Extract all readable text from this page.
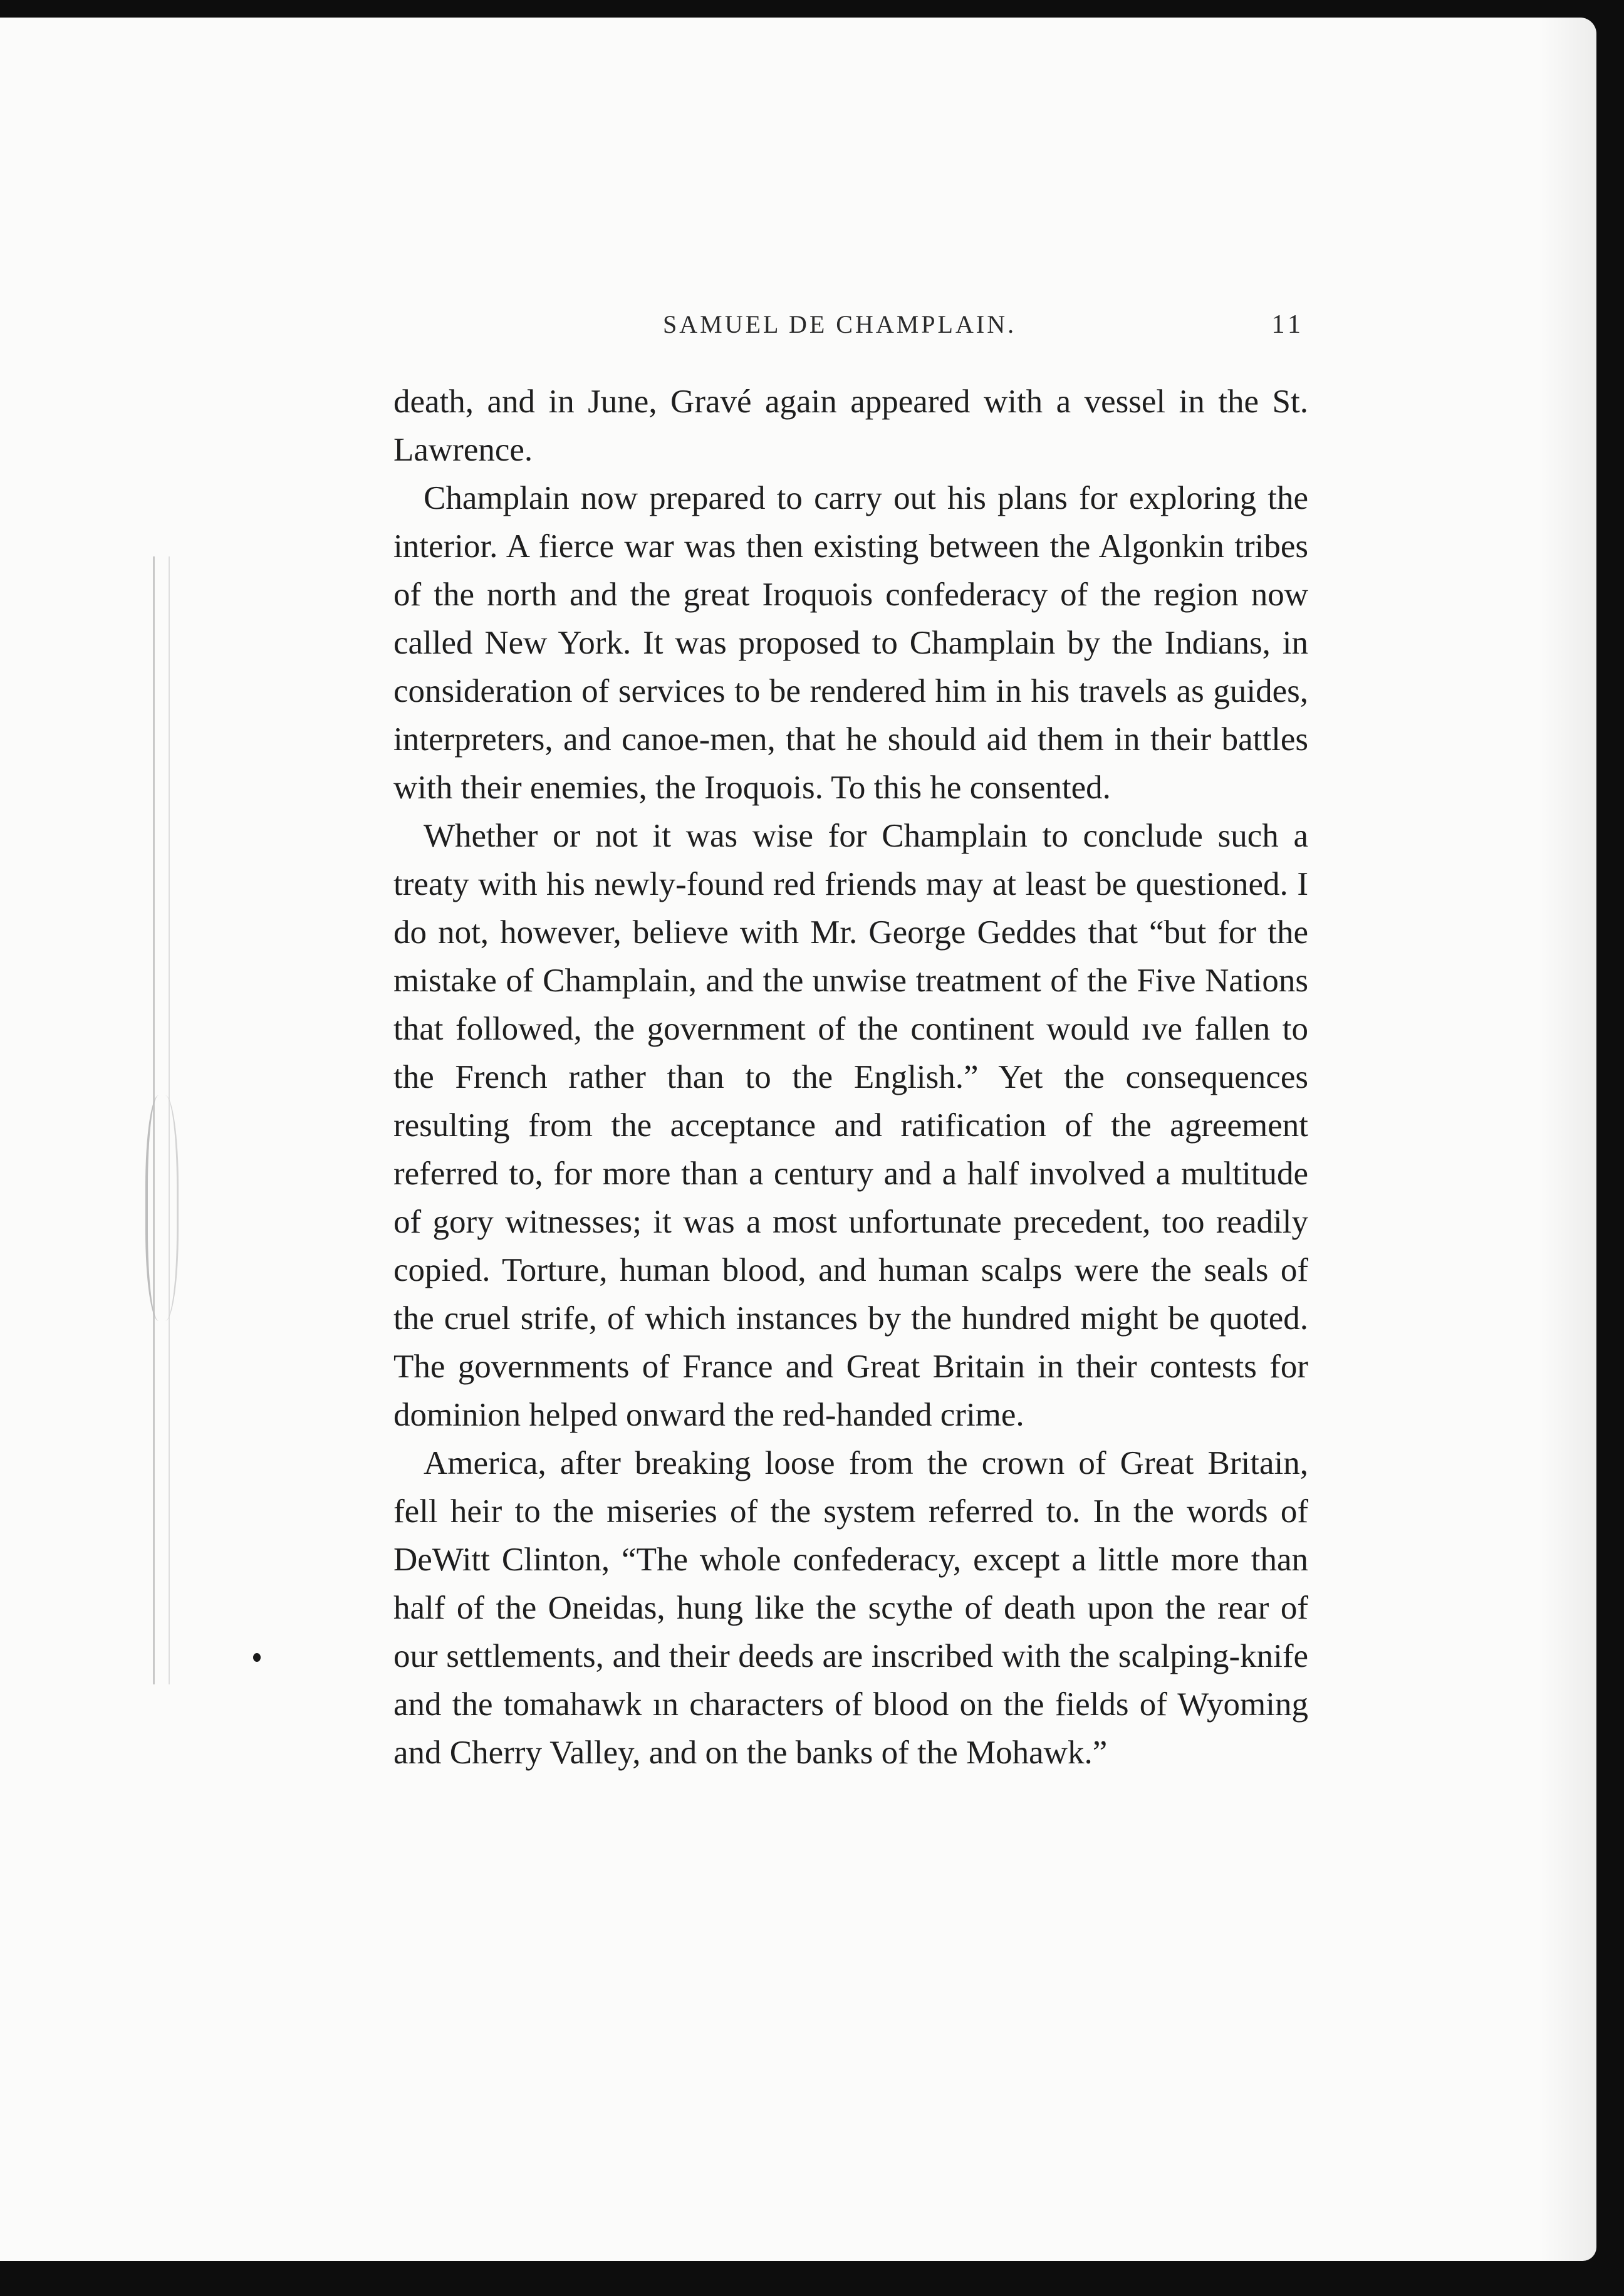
SAMUEL DE CHAMPLAIN.	11

death, and in June, Gravé again appeared with a vessel in the St. Lawrence.

Champlain now prepared to carry out his plans for exploring the interior. A fierce war was then existing between the Algonkin tribes of the north and the great Iroquois confederacy of the region now called New York. It was proposed to Champlain by the Indians, in consideration of services to be rendered him in his travels as guides, interpreters, and canoe-men, that he should aid them in their battles with their enemies, the Iroquois. To this he consented.

Whether or not it was wise for Champlain to conclude such a treaty with his newly-found red friends may at least be questioned. I do not, however, believe with Mr. George Geddes that “but for the mistake of Champlain, and the unwise treatment of the Five Nations that followed, the government of the continent would ıve fallen to the French rather than to the English.” Yet the consequences resulting from the acceptance and ratification of the agreement referred to, for more than a century and a half involved a multitude of gory witnesses; it was a most unfortunate precedent, too readily copied. Torture, human blood, and human scalps were the seals of the cruel strife, of which instances by the hundred might be quoted. The governments of France and Great Britain in their contests for dominion helped onward the red-handed crime.

America, after breaking loose from the crown of Great Britain, fell heir to the miseries of the system referred to. In the words of DeWitt Clinton, “The whole confederacy, except a little more than half of the Oneidas, hung like the scythe of death upon the rear of our settlements, and their deeds are inscribed with the scalping-knife and the tomahawk ın characters of blood on the fields of Wyoming and Cherry Valley, and on the banks of the Mohawk.”
